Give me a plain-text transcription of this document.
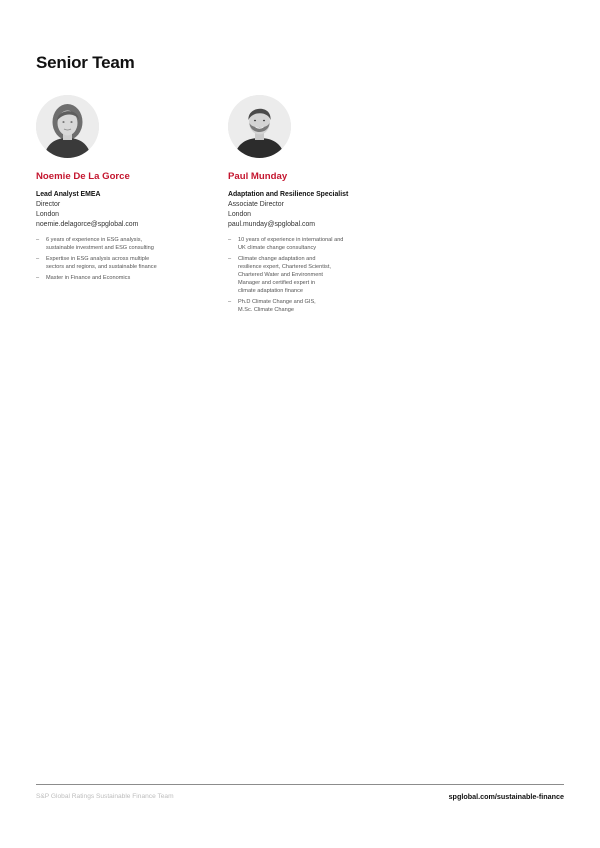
Senior Team
Noemie De La Gorce
Lead Analyst EMEA
Director
London
noemie.delagorce@spglobal.com
– 6 years of experience in ESG analysis,
sustainable investment and ESG consulting
– Expertise in ESG analysis across multiple
sectors and regions, and sustainable finance
– Master in Finance and Economics
Paul Munday
Adaptation and Resilience Specialist
Associate Director
London
paul.munday@spglobal.com
– 10 years of experience in international and
UK climate change consultancy
– Climate change adaptation and
resilience expert, Chartered Scientist,
Chartered Water and Environment
Manager and certified expert in
climate adaptation finance
– Ph.D Climate Change and GIS,
M.Sc. Climate Change
S&P Global Ratings Sustainable Finance Team	spglobal.com/sustainable-finance
